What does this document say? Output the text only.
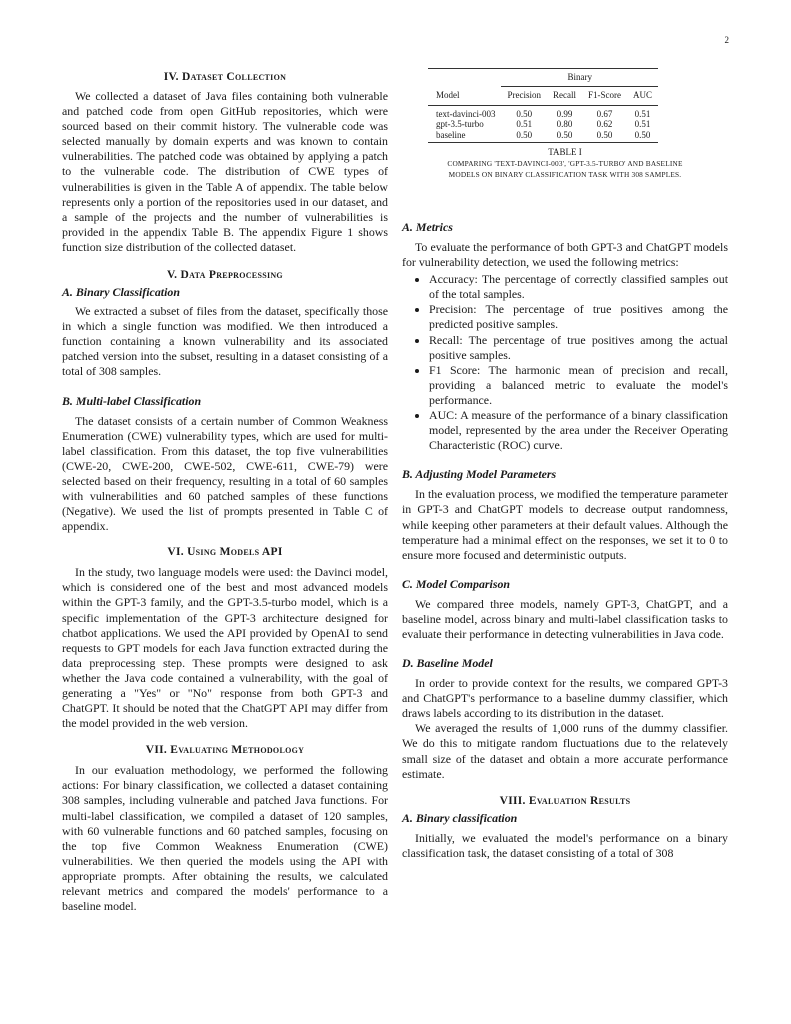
2
IV. Dataset Collection

We collected a dataset of Java files containing both vulnerable and patched code from open GitHub repositories, which were sourced based on their commit history. The vulnerable code was selected manually by domain experts and was known to contain vulnerabilities. The patched code was obtained by applying a patch to the vulnerable code. The distribution of CWE types of vulnerabilities is given in the Table A of appendix. The table below represents only a portion of the repositories used in our dataset, and a sample of the projects and the number of vulnerabilities is provided in the appendix Table B. The appendix Figure 1 shows function size distribution of the collected dataset.

V. Data Preprocessing
A. Binary Classification

We extracted a subset of files from the dataset, specifically those in which a single function was modified. We then introduced a function containing a known vulnerability and its associated patched version into the subset, resulting in a dataset consisting of a total of 308 samples.

B. Multi-label Classification

The dataset consists of a certain number of Common Weakness Enumeration (CWE) vulnerability types, which are used for multi-label classification. From this dataset, the top five vulnerabilities (CWE-20, CWE-200, CWE-502, CWE-611, CWE-79) were selected based on their frequency, resulting in a total of 60 samples with vulnerabilities and 60 patched samples of these functions (Negative). We used the list of prompts presented in Table C of appendix.

VI. Using Models API

In the study, two language models were used: the Davinci model, which is considered one of the best and most advanced models within the GPT-3 family, and the GPT-3.5-turbo model, which is a specific implementation of the GPT-3 architecture designed for chatbot applications. We used the API provided by OpenAI to send requests to GPT models for each Java function extracted during the data preprocessing step. These prompts were designed to ask whether the Java code contained a vulnerability, with the goal of generating a "Yes" or "No" response from both GPT-3 and ChatGPT. It should be noted that the ChatGPT API may differ from the model provided in the web version.

VII. Evaluating Methodology

In our evaluation methodology, we performed the following actions: For binary classification, we collected a dataset containing 308 samples, including vulnerable and patched Java functions. For multi-label classification, we compiled a dataset of 120 samples, with 60 vulnerable functions and 60 patched samples, focusing on the top five Common Weakness Enumeration (CWE) vulnerabilities. We then queried the models using the API with appropriate prompts. After obtaining the results, we calculated relevant metrics and compared the models' performance to a baseline model.

	Binary			
Model	Precision	Recall	F1-Score	AUC
text-davinci-003	0.50	0.99	0.67	0.51
gpt-3.5-turbo	0.51	0.80	0.62	0.51
baseline	0.50	0.50	0.50	0.50
TABLE I
COMPARING 'TEXT-DAVINCI-003', 'GPT-3.5-TURBO' AND BASELINE
MODELS ON BINARY CLASSIFICATION TASK WITH 308 SAMPLES.
A. Metrics

To evaluate the performance of both GPT-3 and ChatGPT models for vulnerability detection, we used the following metrics:

• Accuracy: The percentage of correctly classified samples out of the total samples.
• Precision: The percentage of true positives among the predicted positive samples.
• Recall: The percentage of true positives among the actual positive samples.
• F1 Score: The harmonic mean of precision and recall, providing a balanced metric to evaluate the model's performance.
• AUC: A measure of the performance of a binary classification model, represented by the area under the Receiver Operating Characteristic (ROC) curve.
B. Adjusting Model Parameters

In the evaluation process, we modified the temperature parameter in GPT-3 and ChatGPT models to decrease output randomness, while keeping other parameters at their default values. Although the temperature had a minimal effect on the responses, we set it to 0 to ensure more focused and deterministic outputs.

C. Model Comparison

We compared three models, namely GPT-3, ChatGPT, and a baseline model, across binary and multi-label classification tasks to evaluate their performance in detecting vulnerabilities in Java code.

D. Baseline Model

In order to provide context for the results, we compared GPT-3 and ChatGPT's performance to a baseline dummy classifier, which draws labels according to its distribution in the dataset.

We averaged the results of 1,000 runs of the dummy classifier. We do this to mitigate random fluctuations due to the relatevely small size of the dataset and obtain a more accurate performance estimate.

VIII. Evaluation Results
A. Binary classification

Initially, we evaluated the model's performance on a binary classification task, the dataset consisting of a total of 308
